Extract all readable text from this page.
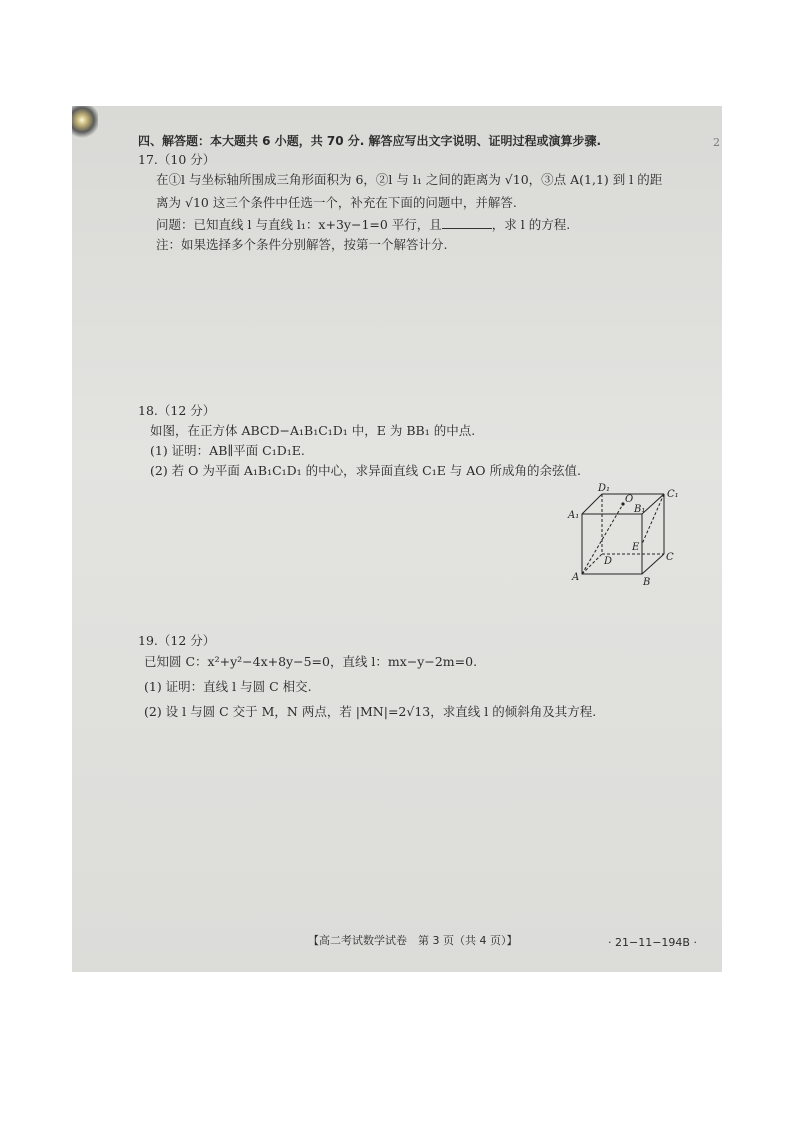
2
四、解答题：本大题共 6 小题，共 70 分. 解答应写出文字说明、证明过程或演算步骤.
17.（10 分）
在①l 与坐标轴所围成三角形面积为 6，②l 与 l₁ 之间的距离为 √10，③点 A(1,1) 到 l 的距
离为 √10 这三个条件中任选一个，补充在下面的问题中，并解答.
问题：已知直线 l 与直线 l₁：x+3y−1=0 平行，且	，求 l 的方程.
注：如果选择多个条件分别解答，按第一个解答计分.
18.（12 分）
如图，在正方体 ABCD−A₁B₁C₁D₁ 中，E 为 BB₁ 的中点.
(1) 证明：AB∥平面 C₁D₁E.
(2) 若 O 为平面 A₁B₁C₁D₁ 的中心，求异面直线 C₁E 与 AO 所成角的余弦值.
19.（12 分）
已知圆 C：x²+y²−4x+8y−5=0，直线 l：mx−y−2m=0.
(1) 证明：直线 l 与圆 C 相交.
(2) 设 l 与圆 C 交于 M，N 两点，若 |MN|=2√13，求直线 l 的倾斜角及其方程.
【高二考试数学试卷　第 3 页（共 4 页）】	· 21−11−194B ·
D₁
C₁
A₁
B₁
O
E
D	C
A	B
